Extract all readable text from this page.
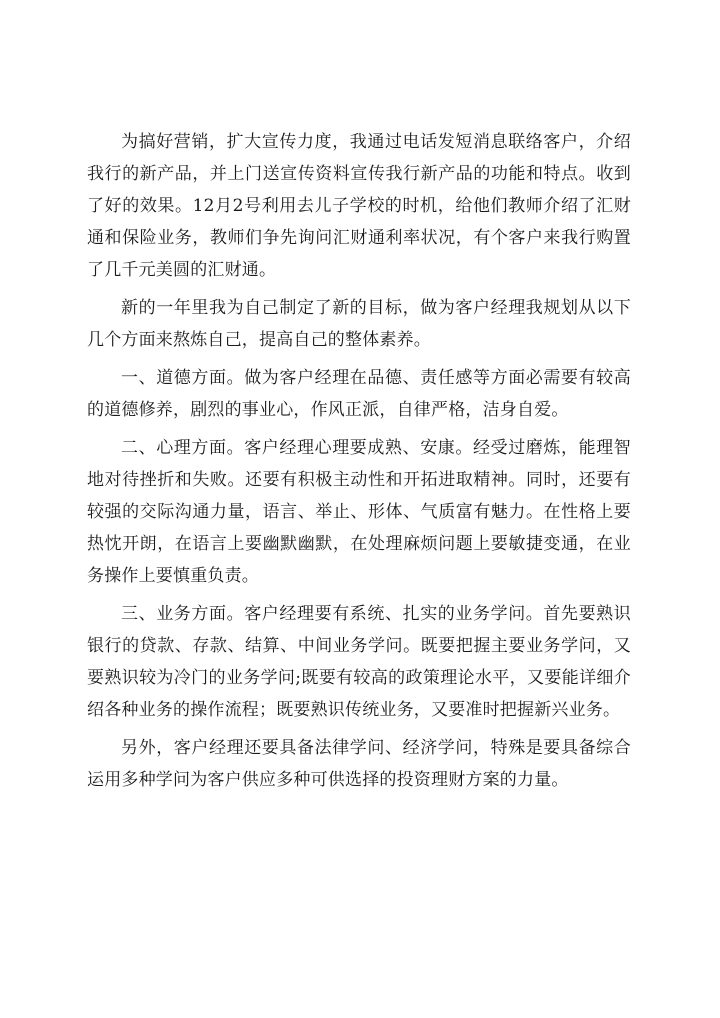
为搞好营销，扩大宣传力度，我通过电话发短消息联络客户，介绍我行的新产品，并上门送宣传资料宣传我行新产品的功能和特点。收到了好的效果。12月2号利用去儿子学校的时机，给他们教师介绍了汇财通和保险业务，教师们争先询问汇财通利率状况，有个客户来我行购置了几千元美圆的汇财通。

新的一年里我为自己制定了新的目标，做为客户经理我规划从以下几个方面来熬炼自己，提高自己的整体素养。

一、道德方面。做为客户经理在品德、责任感等方面必需要有较高的道德修养，剧烈的事业心，作风正派，自律严格，洁身自爱。

二、心理方面。客户经理心理要成熟、安康。经受过磨炼，能理智地对待挫折和失败。还要有积极主动性和开拓进取精神。同时，还要有较强的交际沟通力量，语言、举止、形体、气质富有魅力。在性格上要热忱开朗，在语言上要幽默幽默，在处理麻烦问题上要敏捷变通，在业务操作上要慎重负责。

三、业务方面。客户经理要有系统、扎实的业务学问。首先要熟识银行的贷款、存款、结算、中间业务学问。既要把握主要业务学问，又要熟识较为冷门的业务学问;既要有较高的政策理论水平，又要能详细介绍各种业务的操作流程；既要熟识传统业务，又要准时把握新兴业务。

另外，客户经理还要具备法律学问、经济学问，特殊是要具备综合运用多种学问为客户供应多种可供选择的投资理财方案的力量。
